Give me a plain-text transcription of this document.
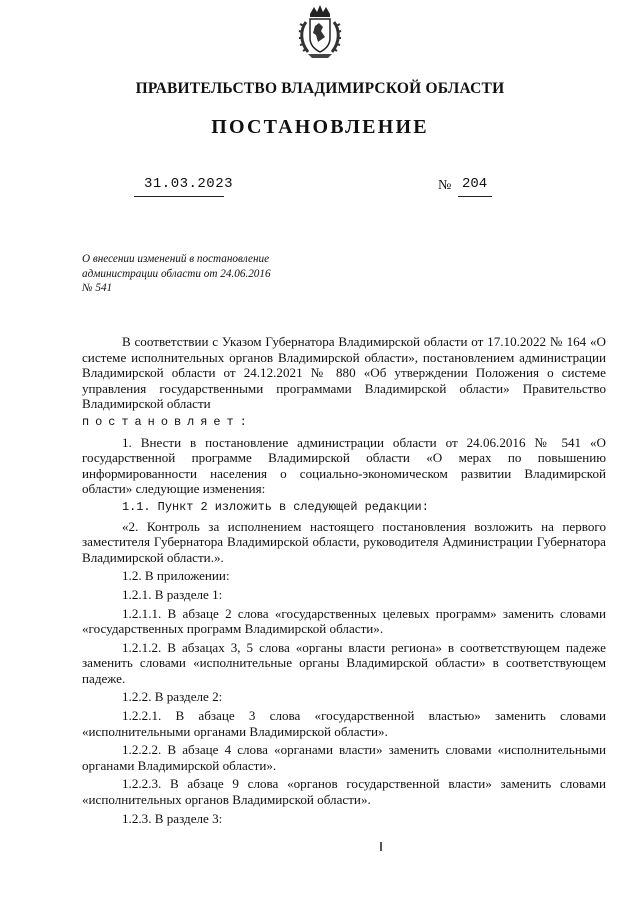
ПРАВИТЕЛЬСТВО ВЛАДИМИРСКОЙ ОБЛАСТИ
ПОСТАНОВЛЕНИЕ
31.03.2023	№ 204
О внесении изменений в постановление
администрации области от 24.06.2016
№ 541

В соответствии с Указом Губернатора Владимирской области от 17.10.2022 № 164 «О системе исполнительных органов Владимирской области», постановлением администрации Владимирской области от 24.12.2021 № 880 «Об утверждении Положения о системе управления государственными программами Владимирской области» Правительство Владимирской области

постановляет:

1. Внести в постановление администрации области от 24.06.2016 № 541 «О государственной программе Владимирской области «О мерах по повышению информированности населения о социально-экономическом развитии Владимирской области» следующие изменения:

1.1. Пункт 2 изложить в следующей редакции:

«2. Контроль за исполнением настоящего постановления возложить на первого заместителя Губернатора Владимирской области, руководителя Администрации Губернатора Владимирской области.».

1.2. В приложении:

1.2.1. В разделе 1:

1.2.1.1. В абзаце 2 слова «государственных целевых программ» заменить словами «государственных программ Владимирской области».

1.2.1.2. В абзацах 3, 5 слова «органы власти региона» в соответствующем падеже заменить словами «исполнительные органы Владимирской области» в соответствующем падеже.

1.2.2. В разделе 2:

1.2.2.1. В абзаце 3 слова «государственной властью» заменить словами «исполнительными органами Владимирской области».

1.2.2.2. В абзаце 4 слова «органами власти» заменить словами «исполнительными органами Владимирской области».

1.2.2.3. В абзаце 9 слова «органов государственной власти» заменить словами «исполнительных органов Владимирской области».

1.2.3. В разделе 3:
